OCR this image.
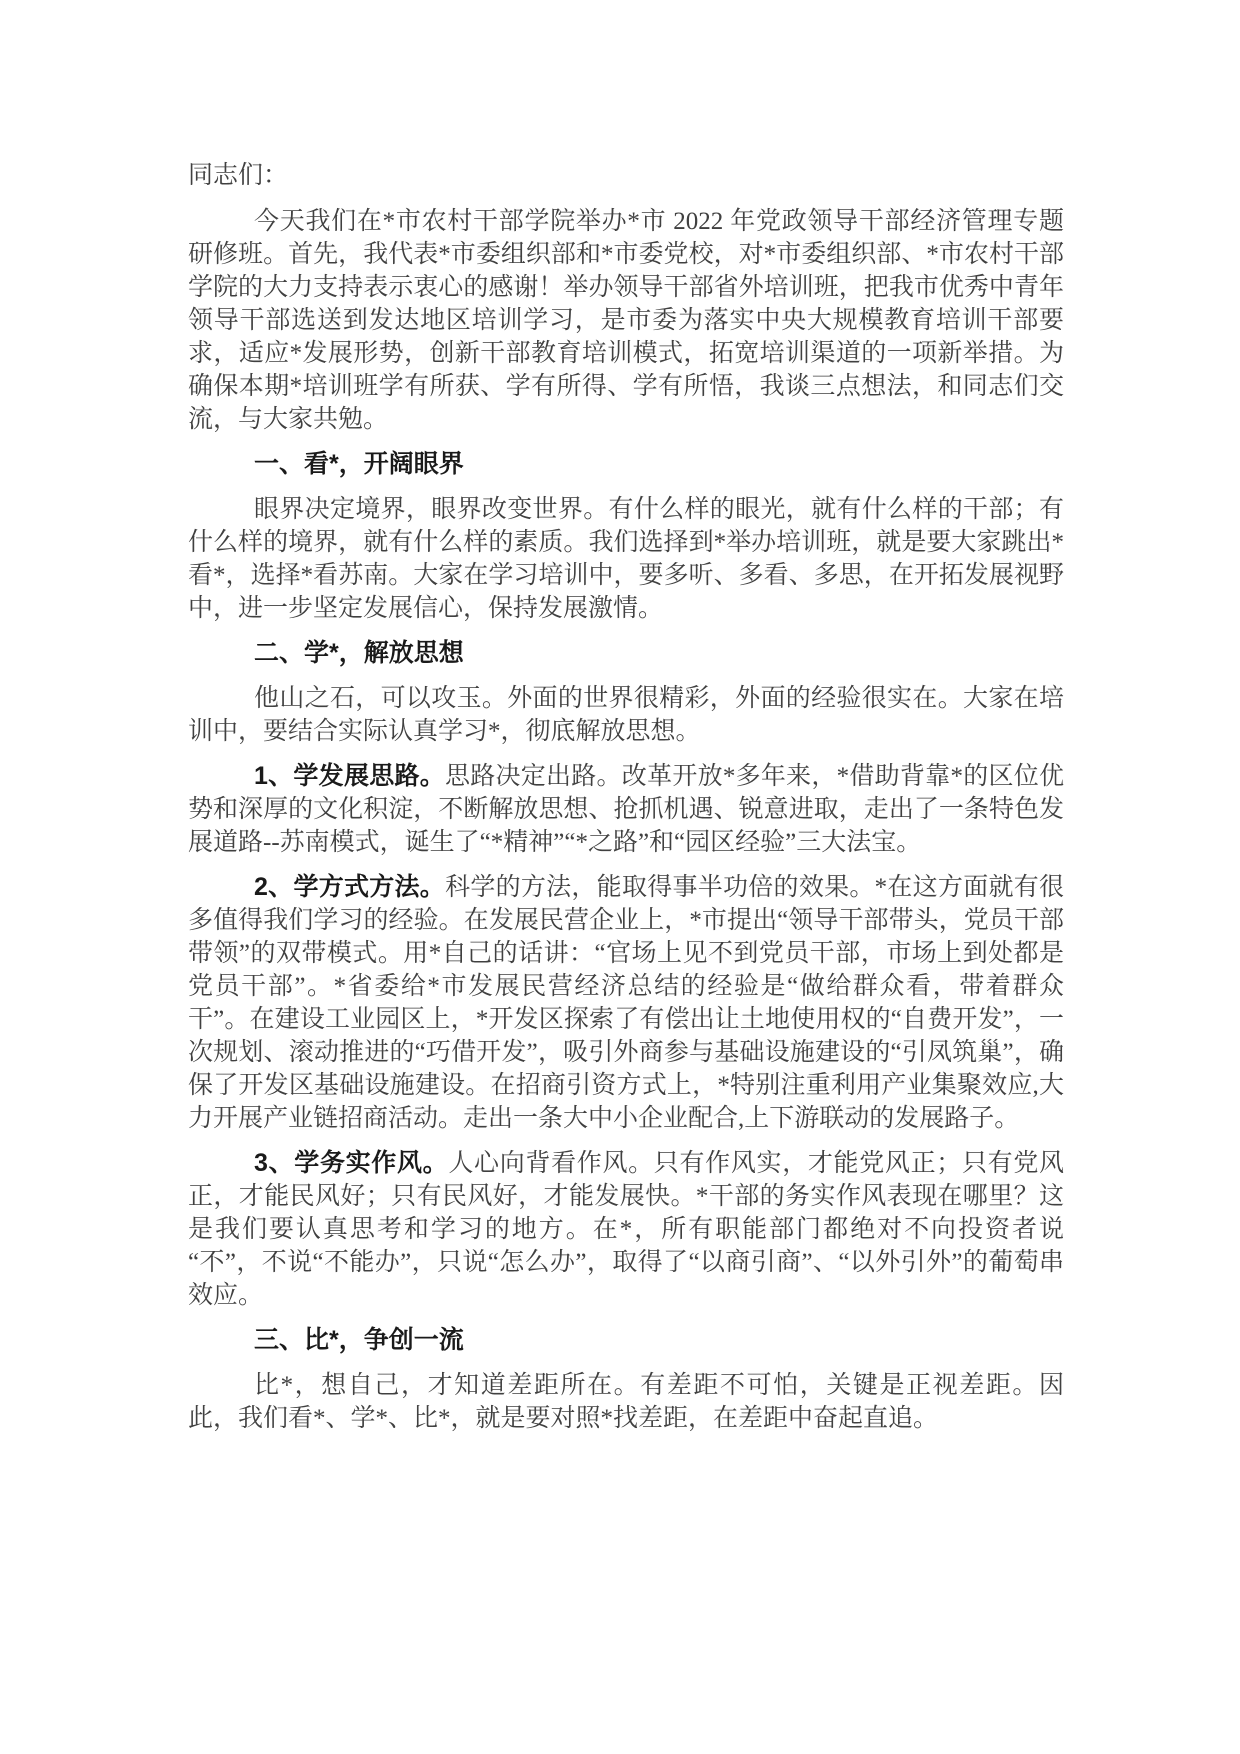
同志们：

今天我们在*市农村干部学院举办*市 2022 年党政领导干部经济管理专题研修班。首先，我代表*市委组织部和*市委党校，对*市委组织部、*市农村干部学院的大力支持表示衷心的感谢！举办领导干部省外培训班，把我市优秀中青年领导干部选送到发达地区培训学习，是市委为落实中央大规模教育培训干部要求，适应*发展形势，创新干部教育培训模式，拓宽培训渠道的一项新举措。为确保本期*培训班学有所获、学有所得、学有所悟，我谈三点想法，和同志们交流，与大家共勉。

一、看*，开阔眼界

眼界决定境界，眼界改变世界。有什么样的眼光，就有什么样的干部；有什么样的境界，就有什么样的素质。我们选择到*举办培训班，就是要大家跳出*看*，选择*看苏南。大家在学习培训中，要多听、多看、多思，在开拓发展视野中，进一步坚定发展信心，保持发展激情。

二、学*，解放思想

他山之石，可以攻玉。外面的世界很精彩，外面的经验很实在。大家在培训中，要结合实际认真学习*，彻底解放思想。

1、学发展思路。思路决定出路。改革开放*多年来，*借助背靠*的区位优势和深厚的文化积淀，不断解放思想、抢抓机遇、锐意进取，走出了一条特色发展道路--苏南模式，诞生了“*精神”“*之路”和“园区经验”三大法宝。

2、学方式方法。科学的方法，能取得事半功倍的效果。*在这方面就有很多值得我们学习的经验。在发展民营企业上，*市提出“领导干部带头，党员干部带领”的双带模式。用*自己的话讲：“官场上见不到党员干部，市场上到处都是党员干部”。*省委给*市发展民营经济总结的经验是“做给群众看，带着群众干”。在建设工业园区上，*开发区探索了有偿出让土地使用权的“自费开发”，一次规划、滚动推进的“巧借开发”，吸引外商参与基础设施建设的“引凤筑巢”，确保了开发区基础设施建设。在招商引资方式上，*特别注重利用产业集聚效应,大力开展产业链招商活动。走出一条大中小企业配合,上下游联动的发展路子。

3、学务实作风。人心向背看作风。只有作风实，才能党风正；只有党风正，才能民风好；只有民风好，才能发展快。*干部的务实作风表现在哪里？这是我们要认真思考和学习的地方。在*，所有职能部门都绝对不向投资者说“不”，不说“不能办”，只说“怎么办”，取得了“以商引商”、“以外引外”的葡萄串效应。

三、比*，争创一流

比*，想自己，才知道差距所在。有差距不可怕，关键是正视差距。因此，我们看*、学*、比*，就是要对照*找差距，在差距中奋起直追。
